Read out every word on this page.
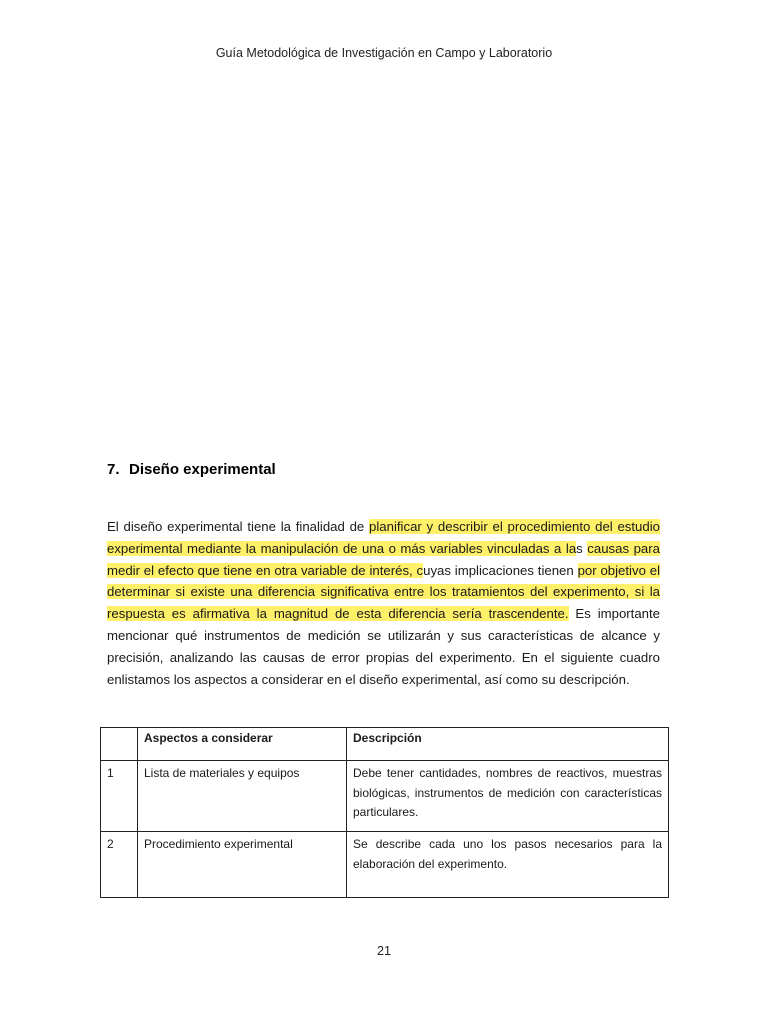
Guía Metodológica de Investigación en Campo y Laboratorio
7. Diseño experimental

El diseño experimental tiene la finalidad de planificar y describir el procedimiento del estudio experimental mediante la manipulación de una o más variables vinculadas a las causas para medir el efecto que tiene en otra variable de interés, cuyas implicaciones tienen por objetivo el determinar si existe una diferencia significativa entre los tratamientos del experimento, si la respuesta es afirmativa la magnitud de esta diferencia sería trascendente. Es importante mencionar qué instrumentos de medición se utilizarán y sus características de alcance y precisión, analizando las causas de error propias del experimento. En el siguiente cuadro enlistamos los aspectos a considerar en el diseño experimental, así como su descripción.

	Aspectos a considerar	Descripción
1	Lista de materiales y equipos	Debe tener cantidades, nombres de reactivos, muestras biológicas, instrumentos de medición con características particulares.
2	Procedimiento experimental	Se describe cada uno los pasos necesarios para la elaboración del experimento.
21
